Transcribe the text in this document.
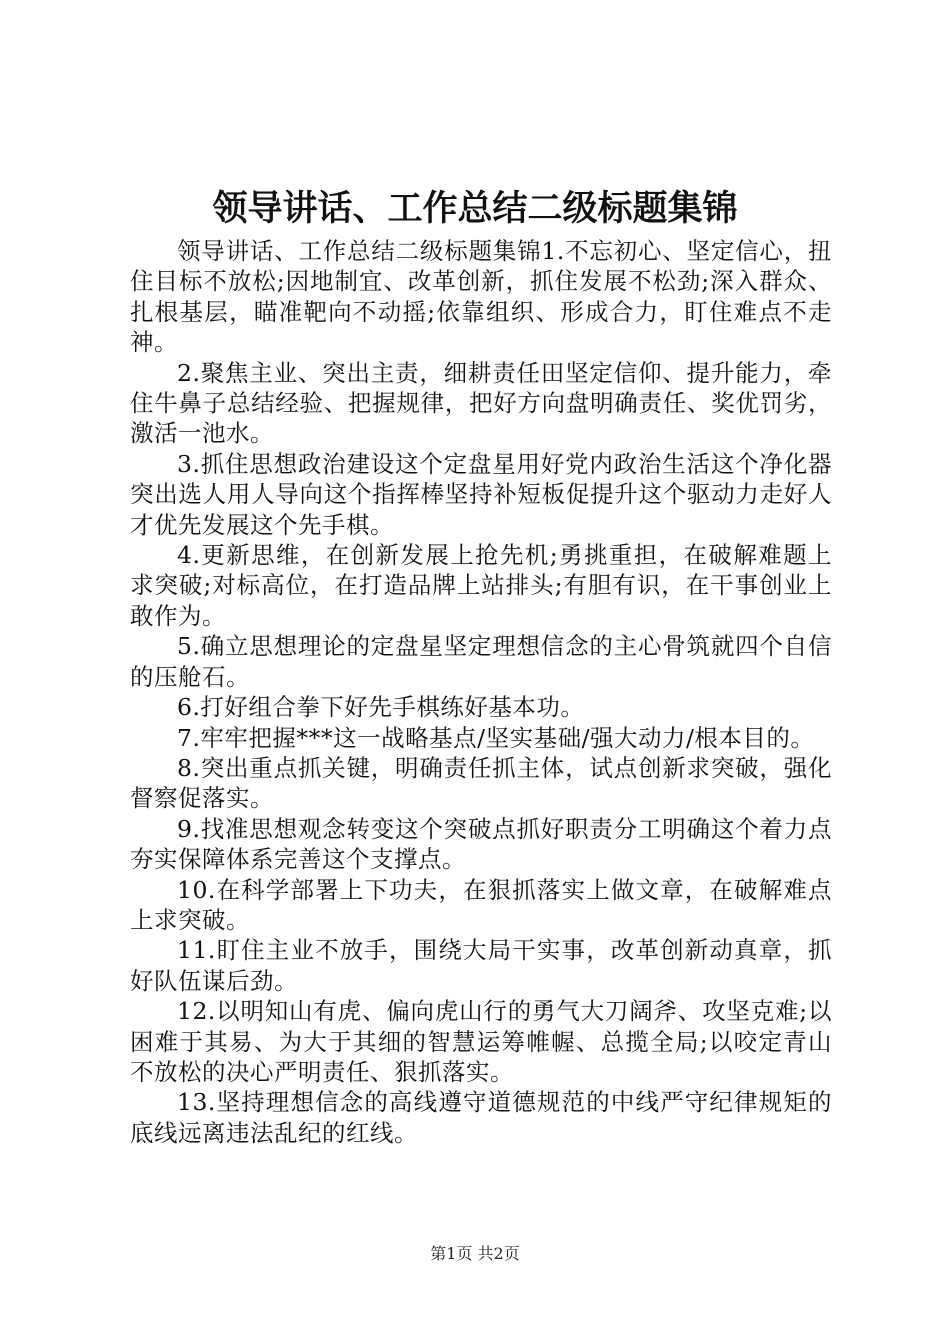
领导讲话、工作总结二级标题集锦

领导讲话、工作总结二级标题集锦1.不忘初心、坚定信心，扭住目标不放松;因地制宜、改革创新，抓住发展不松劲;深入群众、扎根基层，瞄准靶向不动摇;依靠组织、形成合力，盯住难点不走神。

2.聚焦主业、突出主责，细耕责任田坚定信仰、提升能力，牵住牛鼻子总结经验、把握规律，把好方向盘明确责任、奖优罚劣，激活一池水。

3.抓住思想政治建设这个定盘星用好党内政治生活这个净化器突出选人用人导向这个指挥棒坚持补短板促提升这个驱动力走好人才优先发展这个先手棋。

4.更新思维，在创新发展上抢先机;勇挑重担，在破解难题上求突破;对标高位，在打造品牌上站排头;有胆有识，在干事创业上敢作为。

5.确立思想理论的定盘星坚定理想信念的主心骨筑就四个自信的压舱石。

6.打好组合拳下好先手棋练好基本功。

7.牢牢把握***这一战略基点/坚实基础/强大动力/根本目的。

8.突出重点抓关键，明确责任抓主体，试点创新求突破，强化督察促落实。

9.找准思想观念转变这个突破点抓好职责分工明确这个着力点夯实保障体系完善这个支撑点。

10.在科学部署上下功夫，在狠抓落实上做文章，在破解难点上求突破。

11.盯住主业不放手，围绕大局干实事，改革创新动真章，抓好队伍谋后劲。

12.以明知山有虎、偏向虎山行的勇气大刀阔斧、攻坚克难;以困难于其易、为大于其细的智慧运筹帷幄、总揽全局;以咬定青山不放松的决心严明责任、狠抓落实。

13.坚持理想信念的高线遵守道德规范的中线严守纪律规矩的底线远离违法乱纪的红线。

第1页 共2页
